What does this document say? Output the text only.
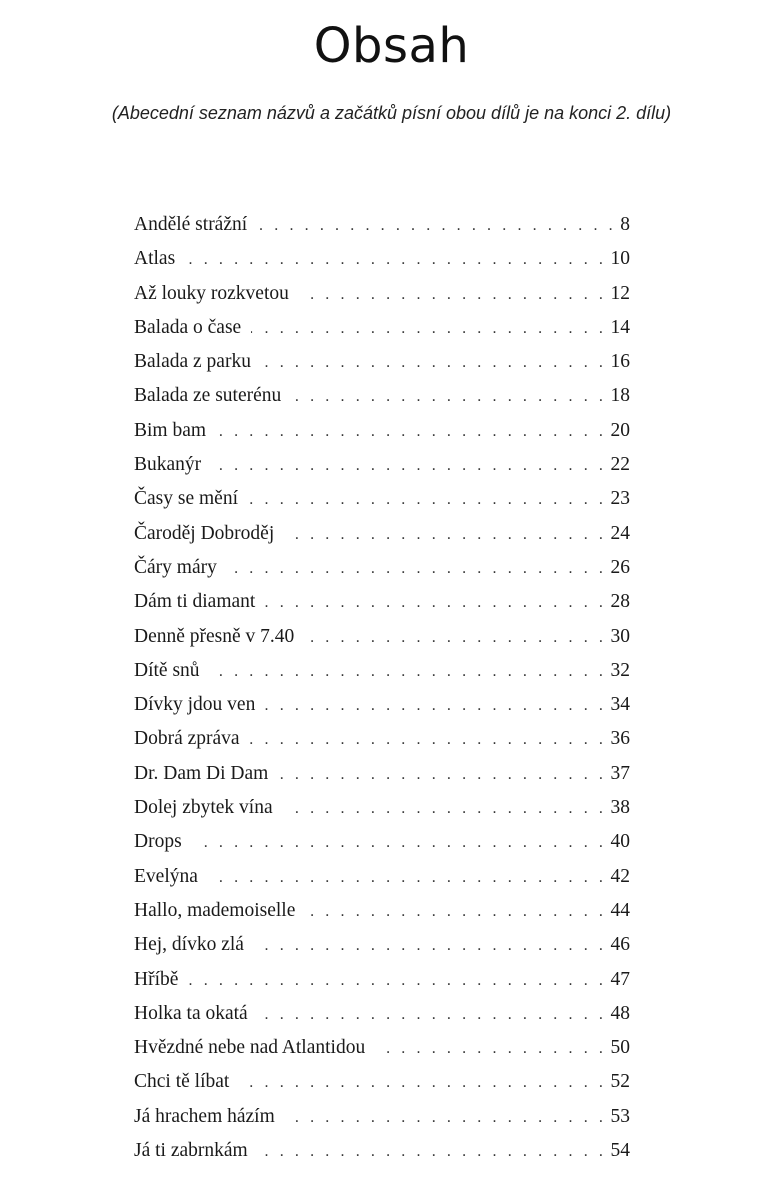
Obsah

(Abecední seznam názvů a začátků písní obou dílů je na konci 2. dílu)

Andělé strážní . . .	8
Atlas . . .	10
Až louky rozkvetou . . .	12
Balada o čase . . .	14
Balada z parku . . .	16
Balada ze suterénu . . .	18
Bim bam . . .	20
Bukanýr . . .	22
Časy se mění . . .	23
Čaroděj Dobroděj . . .	24
Čáry máry . . .	26
Dám ti diamant . . .	28
Denně přesně v 7.40 . . .	30
Dítě snů . . .	32
Dívky jdou ven . . .	34
Dobrá zpráva . . .	36
Dr. Dam Di Dam . . .	37
Dolej zbytek vína . . .	38
Drops . . .	40
Evelýna . . .	42
Hallo, mademoiselle . . .	44
Hej, dívko zlá . . .	46
Hříbě . . .	47
Holka ta okatá . . .	48
Hvězdné nebe nad Atlantidou . . .	50
Chci tě líbat . . .	52
Já hrachem házím . . .	53
Já ti zabrnkám . . .	54
